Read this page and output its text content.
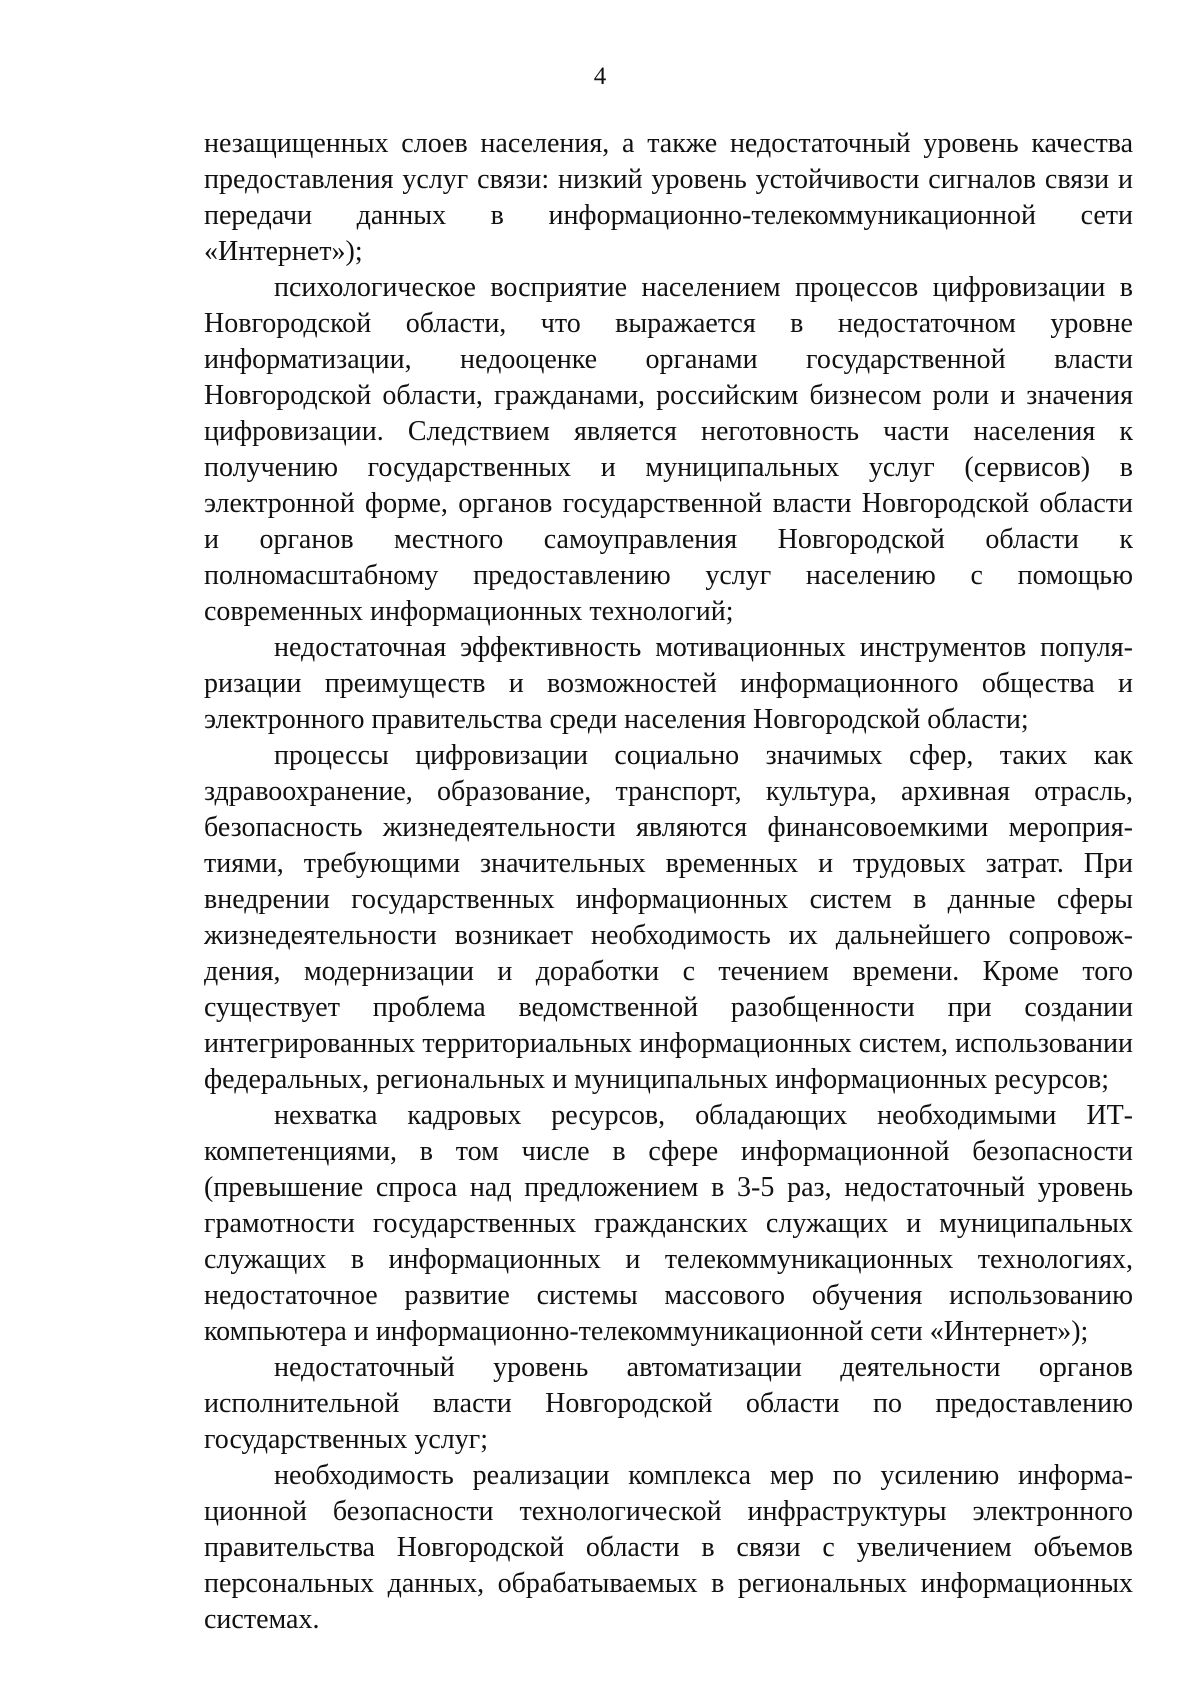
4

незащищенных слоев населения, а также недостаточный уровень качества предоставления услуг связи: низкий уровень устойчивости сигналов связи и передачи данных в информационно-телекоммуникационной сети «Интернет»);

психологическое восприятие населением процессов цифровизации в Новгородской области, что выражается в недостаточном уровне информатизации, недооценке органами государственной власти Новгородской области, гражданами, российским бизнесом роли и значения цифровизации. Следствием является неготовность части населения к получению государственных и муниципальных услуг (сервисов) в электронной форме, органов государственной власти Новгородской области и органов местного самоуправления Новгородской области к полномасштабному предоставлению услуг населению с помощью современных информационных технологий;

недостаточная эффективность мотивационных инструментов популяризации преимуществ и возможностей информационного общества и электронного правительства среди населения Новгородской области;

процессы цифровизации социально значимых сфер, таких как здравоохранение, образование, транспорт, культура, архивная отрасль, безопасность жизнедеятельности являются финансовоемкими мероприятиями, требующими значительных временных и трудовых затрат. При внедрении государственных информационных систем в данные сферы жизнедеятельности возникает необходимость их дальнейшего сопровождения, модернизации и доработки с течением времени. Кроме того существует проблема ведомственной разобщенности при создании интегрированных территориальных информационных систем, использовании федеральных, региональных и муниципальных информационных ресурсов;

нехватка кадровых ресурсов, обладающих необходимыми ИТ-компетенциями, в том числе в сфере информационной безопасности (превышение спроса над предложением в 3-5 раз, недостаточный уровень грамотности государственных гражданских служащих и муниципальных служащих в информационных и телекоммуникационных технологиях, недостаточное развитие системы массового обучения использованию компьютера и информационно-телекоммуникационной сети «Интернет»);

недостаточный уровень автоматизации деятельности органов исполнительной власти Новгородской области по предоставлению государственных услуг;

необходимость реализации комплекса мер по усилению информационной безопасности технологической инфраструктуры электронного правительства Новгородской области в связи с увеличением объемов персональных данных, обрабатываемых в региональных информационных системах.
